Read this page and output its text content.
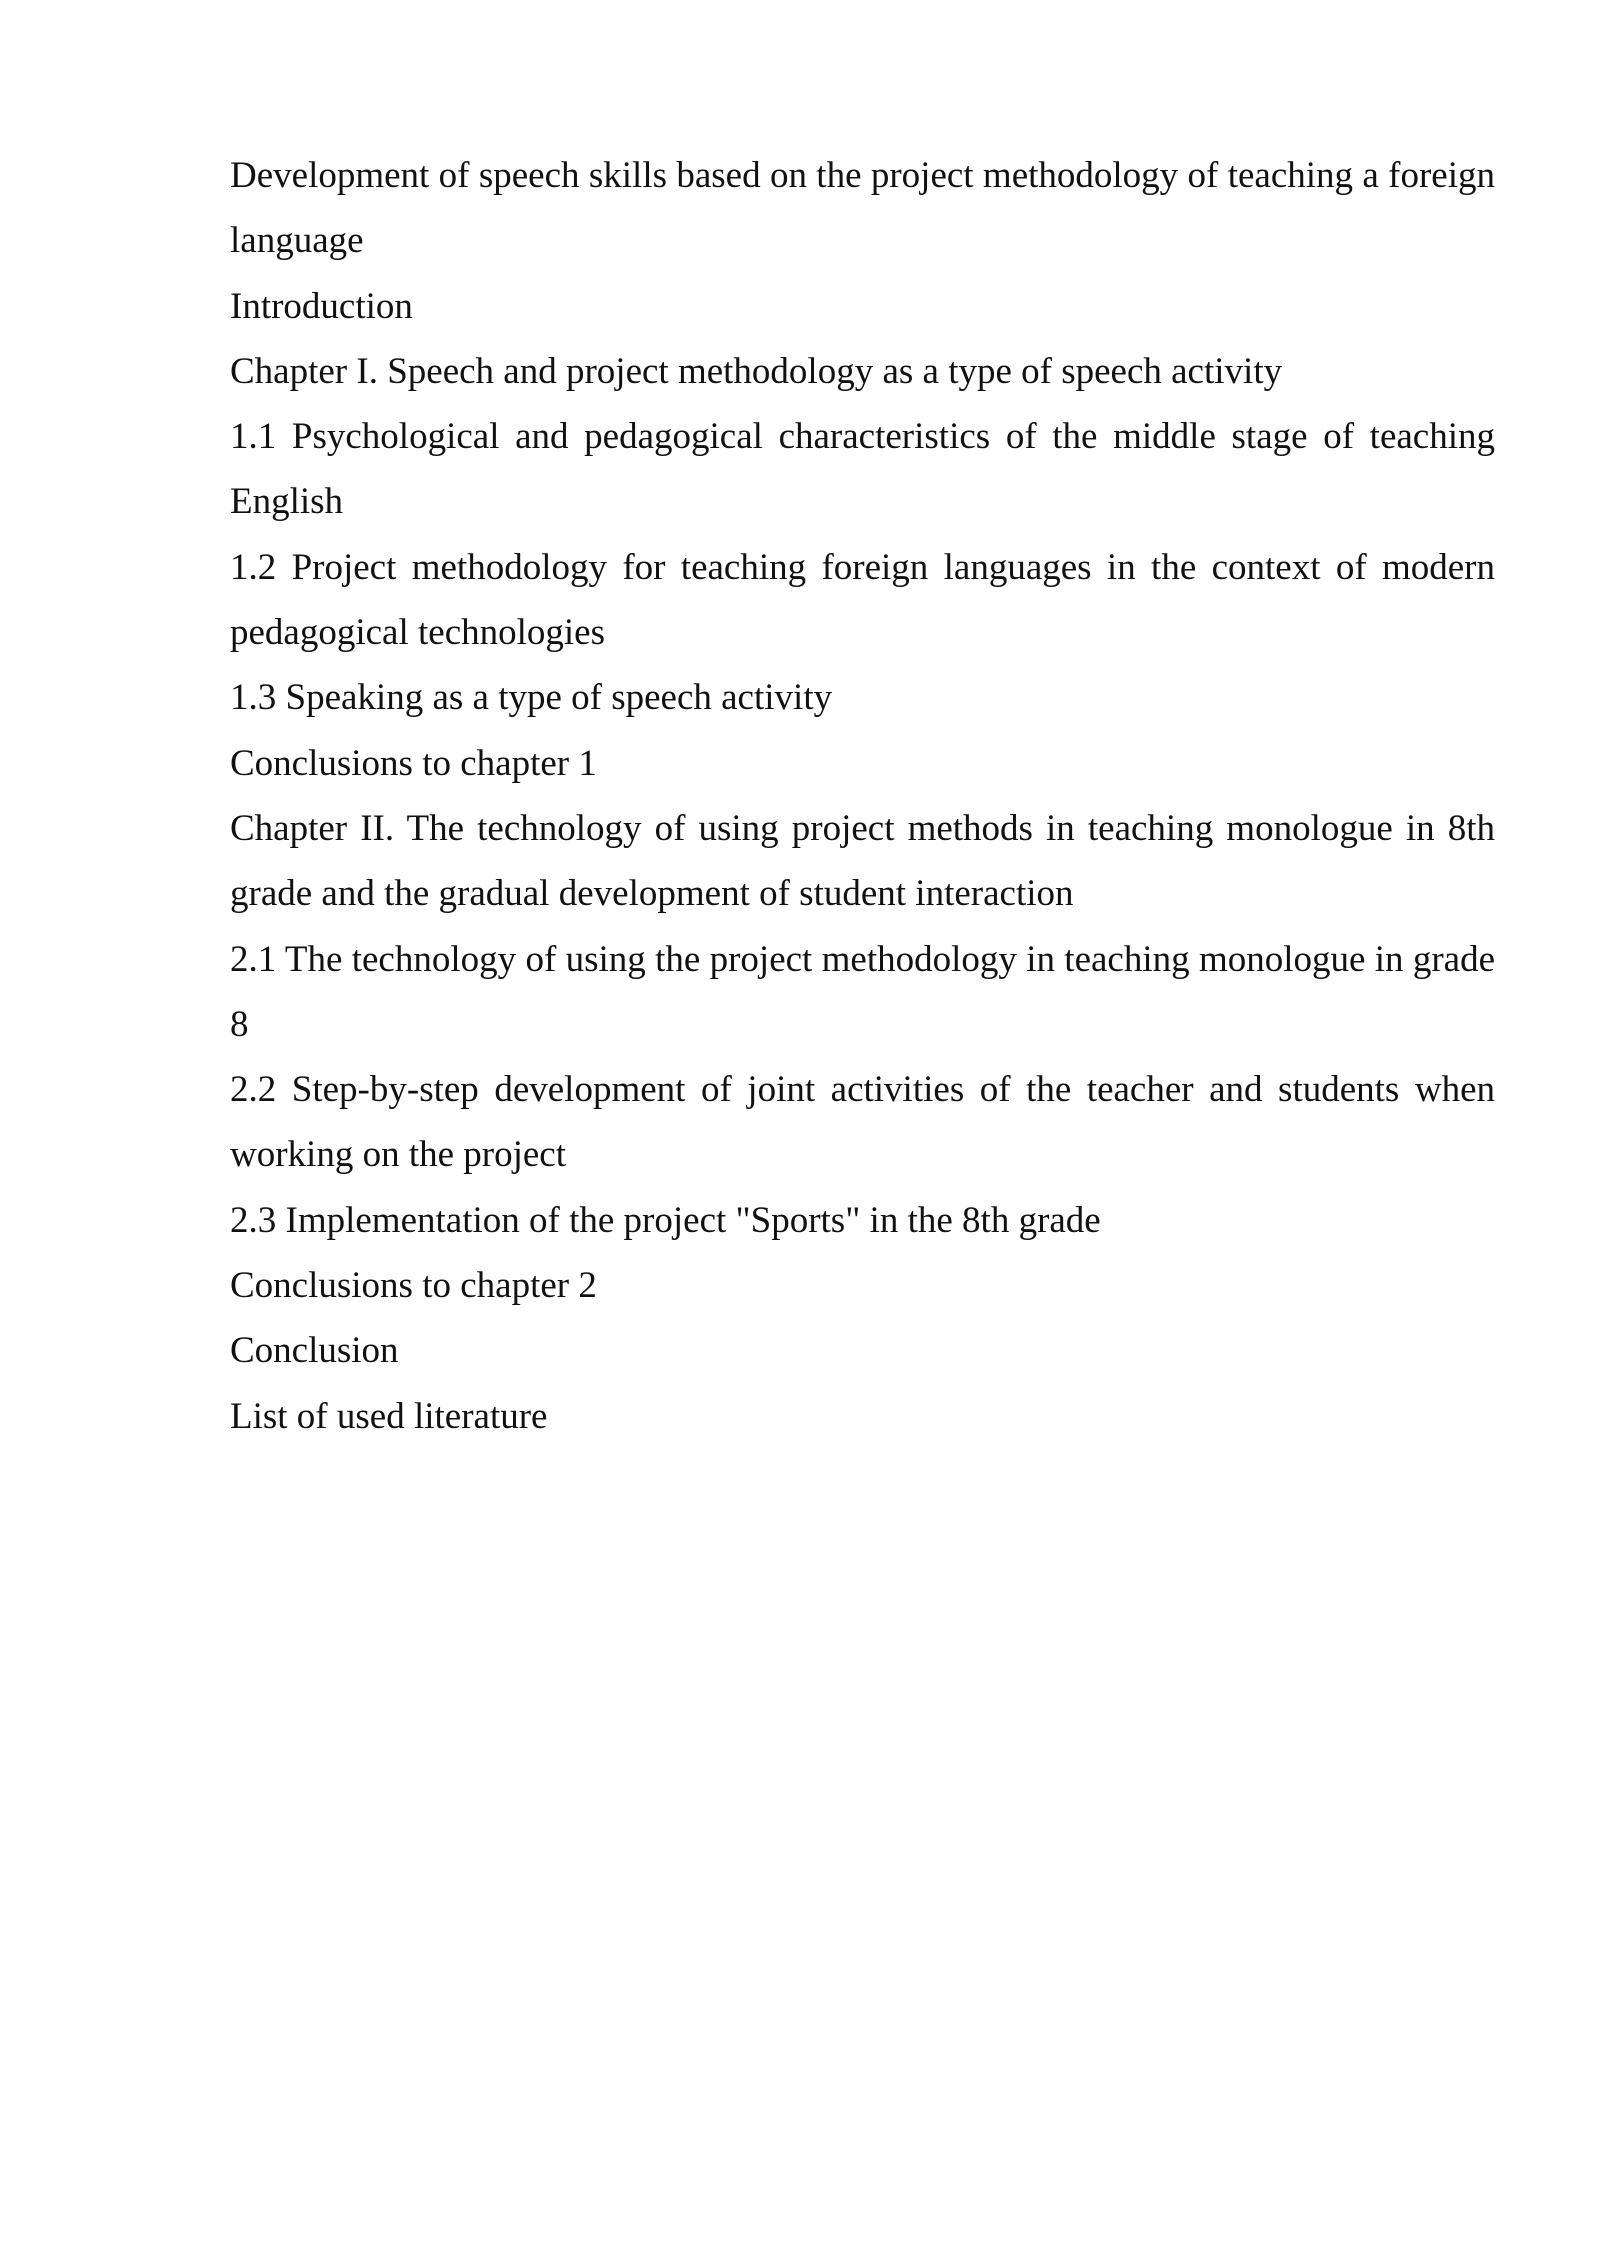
Development of speech skills based on the project methodology of teaching a foreign language

Introduction

Chapter I. Speech and project methodology as a type of speech activity

1.1 Psychological and pedagogical characteristics of the middle stage of teaching English

1.2 Project methodology for teaching foreign languages in the context of modern pedagogical technologies

1.3 Speaking as a type of speech activity

Conclusions to chapter 1

Chapter II. The technology of using project methods in teaching monologue in 8th grade and the gradual development of student interaction

2.1 The technology of using the project methodology in teaching monologue in grade 8

2.2 Step-by-step development of joint activities of the teacher and students when working on the project

2.3 Implementation of the project "Sports" in the 8th grade

Conclusions to chapter 2

Conclusion

List of used literature
